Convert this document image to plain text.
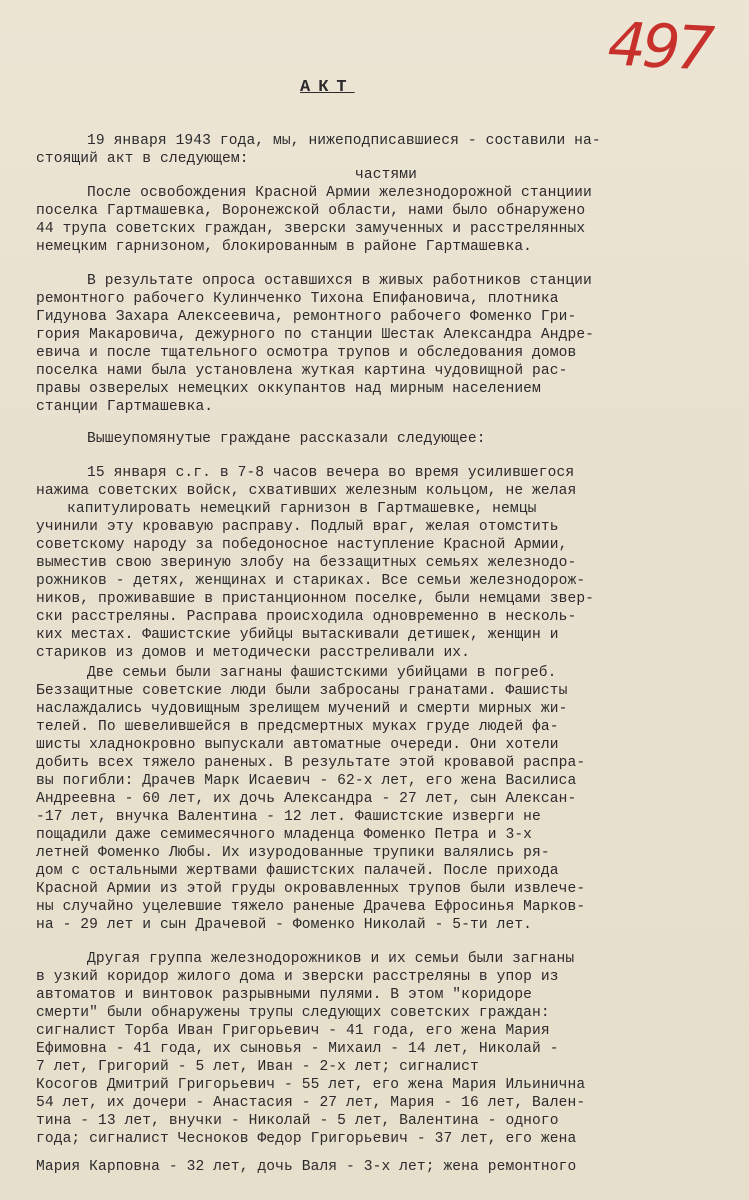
497
АКТ
19 января 1943 года, мы, нижеподписавшиеся - составили на-
стоящий акт в следующем:
частями
После освобождения Красной Армии железнодорожной станциии
поселка Гартмашевка, Воронежской области, нами было обнаружено
44 трупа советских граждан, зверски замученных и расстрелянных
немецким гарнизоном, блокированным в районе Гартмашевка.
В результате опроса оставшихся в живых работников станции
ремонтного рабочего Кулинченко Тихона Епифановича, плотника
Гидунова Захара Алексеевича, ремонтного рабочего Фоменко Гри-
гория Макаровича, дежурного по станции Шестак Александра Андре-
евича и после тщательного осмотра трупов и обследования домов
поселка нами была установлена жуткая картина чудовищной рас-
правы озверелых немецких оккупантов над мирным населением
станции Гартмашевка.
Вышеупомянутые граждане рассказали следующее:
15 января с.г. в 7-8 часов вечера во время усилившегося
нажима советских войск, схвативших железным кольцом, не желая
капитулировать немецкий гарнизон в Гартмашевке, немцы
учинили эту кровавую расправу. Подлый враг, желая отомстить
советскому народу за победоносное наступление Красной Армии,
выместив свою звериную злобу на беззащитных семьях железнодо-
рожников - детях, женщинах и стариках. Все семьи железнодорож-
ников, проживавшие в пристанционном поселке, были немцами звер-
ски расстреляны. Расправа происходила одновременно в несколь-
ких местах. Фашистские убийцы вытаскивали детишек, женщин и
стариков из домов и методически расстреливали их.
Две семьи были загнаны фашистскими убийцами в погреб.
Беззащитные советские люди были забросаны гранатами. Фашисты
наслаждались чудовищным зрелищем мучений и смерти мирных жи-
телей. По шевелившейся в предсмертных муках груде людей фа-
шисты хладнокровно выпускали автоматные очереди. Они хотели
добить всех тяжело раненых. В результате этой кровавой распра-
вы погибли: Драчев Марк Исаевич - 62-х лет, его жена Василиса
Андреевна - 60 лет, их дочь Александра - 27 лет, сын Алексан-
-17 лет, внучка Валентина - 12 лет. Фашистские изверги не
пощадили даже семимесячного младенца Фоменко Петра и 3-х
летней Фоменко Любы. Их изуродованные трупики валялись ря-
дом с остальными жертвами фашистских палачей. После прихода
Красной Армии из этой груды окровавленных трупов были извлече-
ны случайно уцелевшие тяжело раненые Драчева Ефросинья Марков-
на - 29 лет и сын Драчевой - Фоменко Николай - 5-ти лет.
Другая группа железнодорожников и их семьи были загнаны
в узкий коридор жилого дома и зверски расстреляны в упор из
автоматов и винтовок разрывными пулями. В этом "коридоре
смерти" были обнаружены трупы следующих советских граждан:
сигналист Торба Иван Григорьевич - 41 года, его жена Мария
Ефимовна - 41 года, их сыновья - Михаил - 14 лет, Николай -
7 лет, Григорий - 5 лет, Иван - 2-х лет; сигналист
Косогов Дмитрий Григорьевич - 55 лет, его жена Мария Ильинична
54 лет, их дочери - Анастасия - 27 лет, Мария - 16 лет, Вален-
тина - 13 лет, внучки - Николай - 5 лет, Валентина - одного
года; сигналист Чесноков Федор Григорьевич - 37 лет, его жена
Мария Карповна - 32 лет, дочь Валя - 3-х лет; жена ремонтного
